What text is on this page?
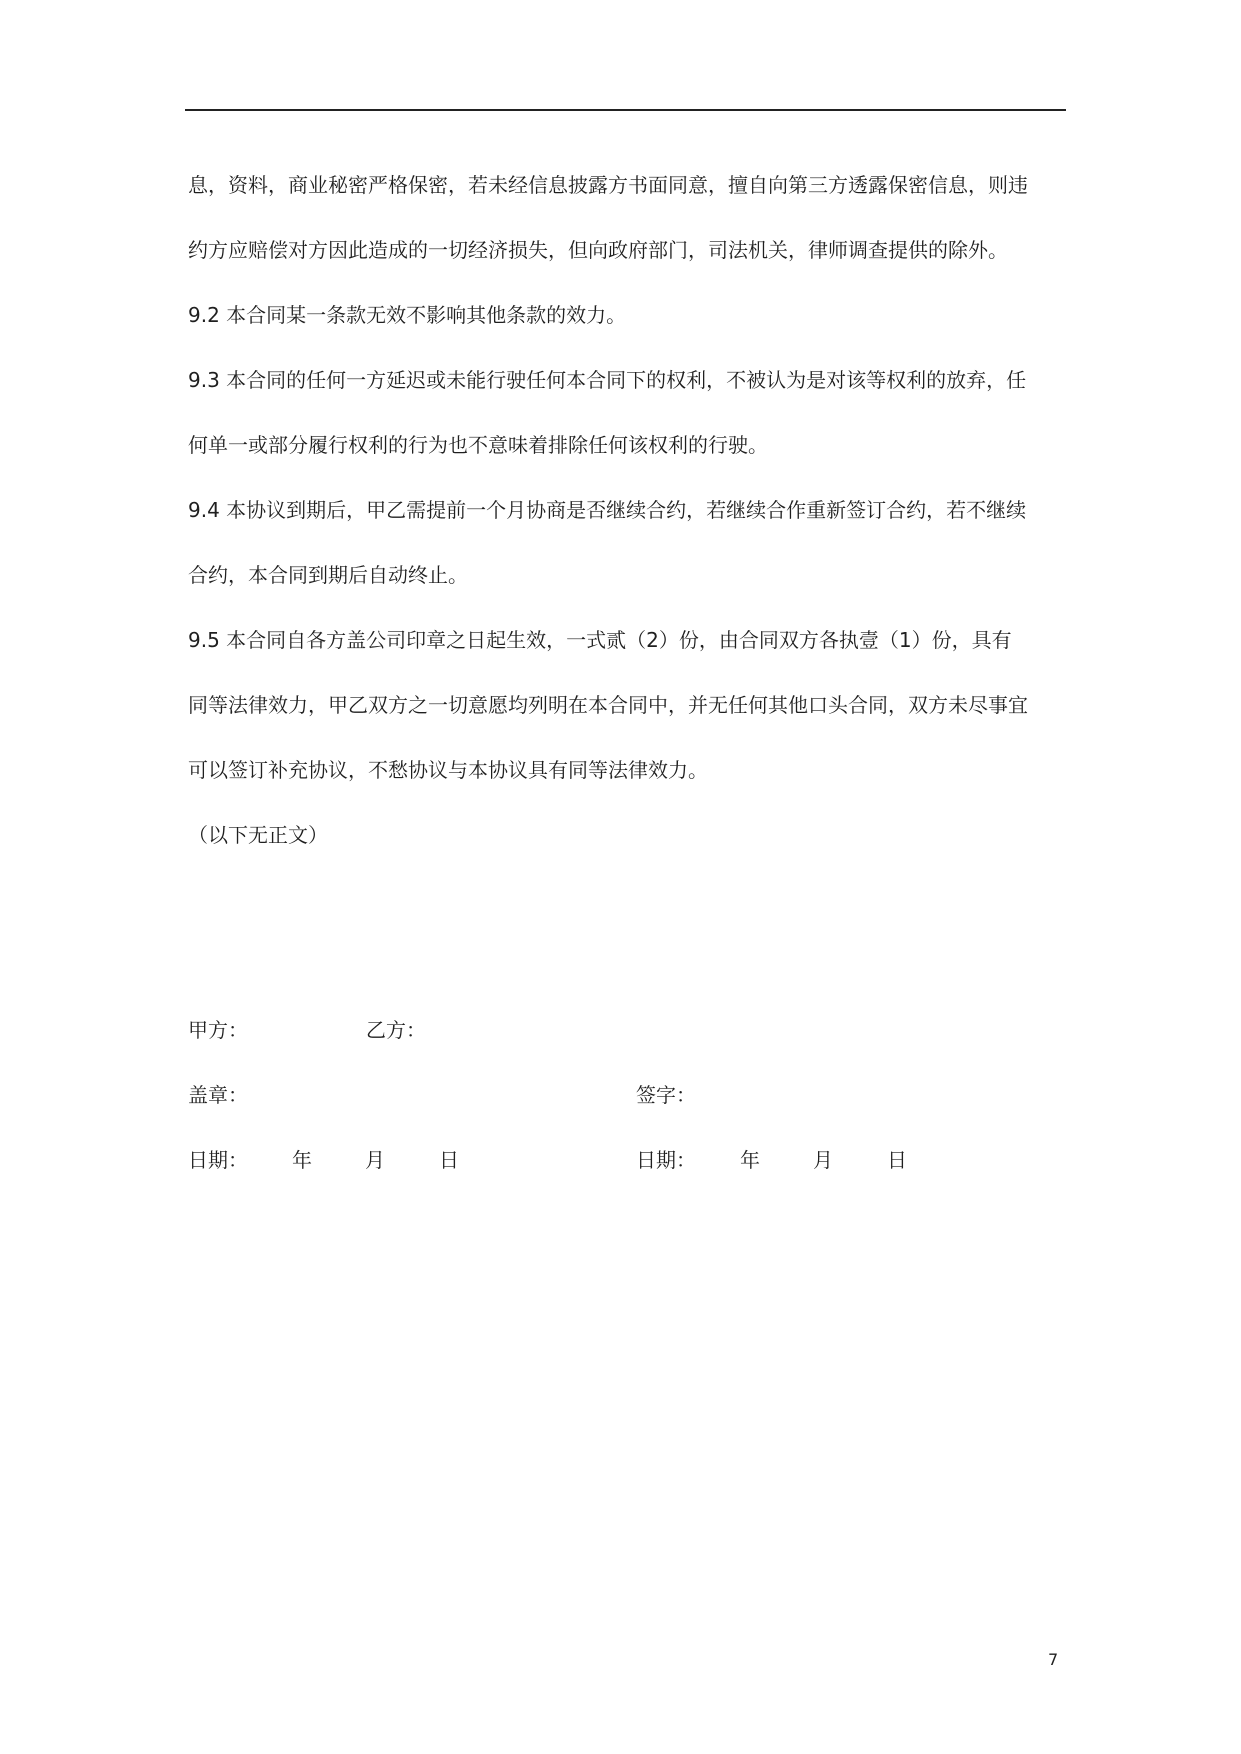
息，资料，商业秘密严格保密，若未经信息披露方书面同意，擅自向第三方透露保密信息，则违
约方应赔偿对方因此造成的一切经济损失，但向政府部门，司法机关，律师调查提供的除外。
9.2 本合同某一条款无效不影响其他条款的效力。
9.3 本合同的任何一方延迟或未能行驶任何本合同下的权利，不被认为是对该等权利的放弃，任
何单一或部分履行权利的行为也不意味着排除任何该权利的行驶。
9.4 本协议到期后，甲乙需提前一个月协商是否继续合约，若继续合作重新签订合约，若不继续
合约，本合同到期后自动终止。
9.5 本合同自各方盖公司印章之日起生效，一式贰（2）份，由合同双方各执壹（1）份，具有
同等法律效力，甲乙双方之一切意愿均列明在本合同中，并无任何其他口头合同，双方未尽事宜
可以签订补充协议，不愁协议与本协议具有同等法律效力。
（以下无正文）
甲方：	乙方：
盖章：	签字：
日期： 年	月	日	日期： 年	月	日
7
